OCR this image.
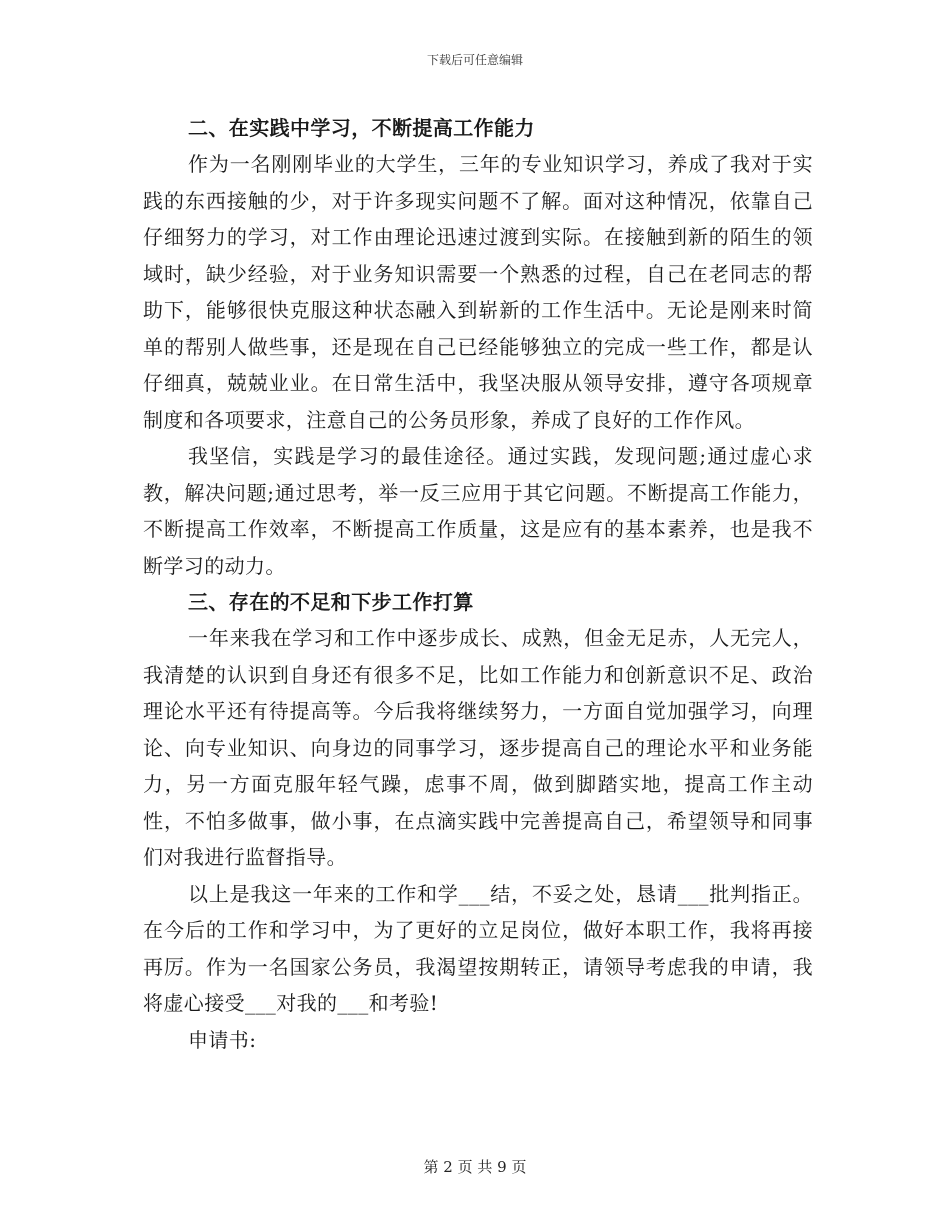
下载后可任意编辑

二、在实践中学习，不断提高工作能力

作为一名刚刚毕业的大学生，三年的专业知识学习，养成了我对于实践的东西接触的少，对于许多现实问题不了解。面对这种情况，依靠自己仔细努力的学习，对工作由理论迅速过渡到实际。在接触到新的陌生的领域时，缺少经验，对于业务知识需要一个熟悉的过程，自己在老同志的帮助下，能够很快克服这种状态融入到崭新的工作生活中。无论是刚来时简单的帮别人做些事，还是现在自己已经能够独立的完成一些工作，都是认仔细真，兢兢业业。在日常生活中，我坚决服从领导安排，遵守各项规章制度和各项要求，注意自己的公务员形象，养成了良好的工作作风。

我坚信，实践是学习的最佳途径。通过实践，发现问题;通过虚心求教，解决问题;通过思考，举一反三应用于其它问题。不断提高工作能力，不断提高工作效率，不断提高工作质量，这是应有的基本素养，也是我不断学习的动力。

三、存在的不足和下步工作打算

一年来我在学习和工作中逐步成长、成熟，但金无足赤，人无完人，我清楚的认识到自身还有很多不足，比如工作能力和创新意识不足、政治理论水平还有待提高等。今后我将继续努力，一方面自觉加强学习，向理论、向专业知识、向身边的同事学习，逐步提高自己的理论水平和业务能力，另一方面克服年轻气躁，虑事不周，做到脚踏实地，提高工作主动性，不怕多做事，做小事，在点滴实践中完善提高自己，希望领导和同事们对我进行监督指导。

以上是我这一年来的工作和学___结，不妥之处，恳请___批判指正。在今后的工作和学习中，为了更好的立足岗位，做好本职工作，我将再接再厉。作为一名国家公务员，我渴望按期转正，请领导考虑我的申请，我将虚心接受___对我的___和考验!

申请书:

第 2 页 共 9 页
